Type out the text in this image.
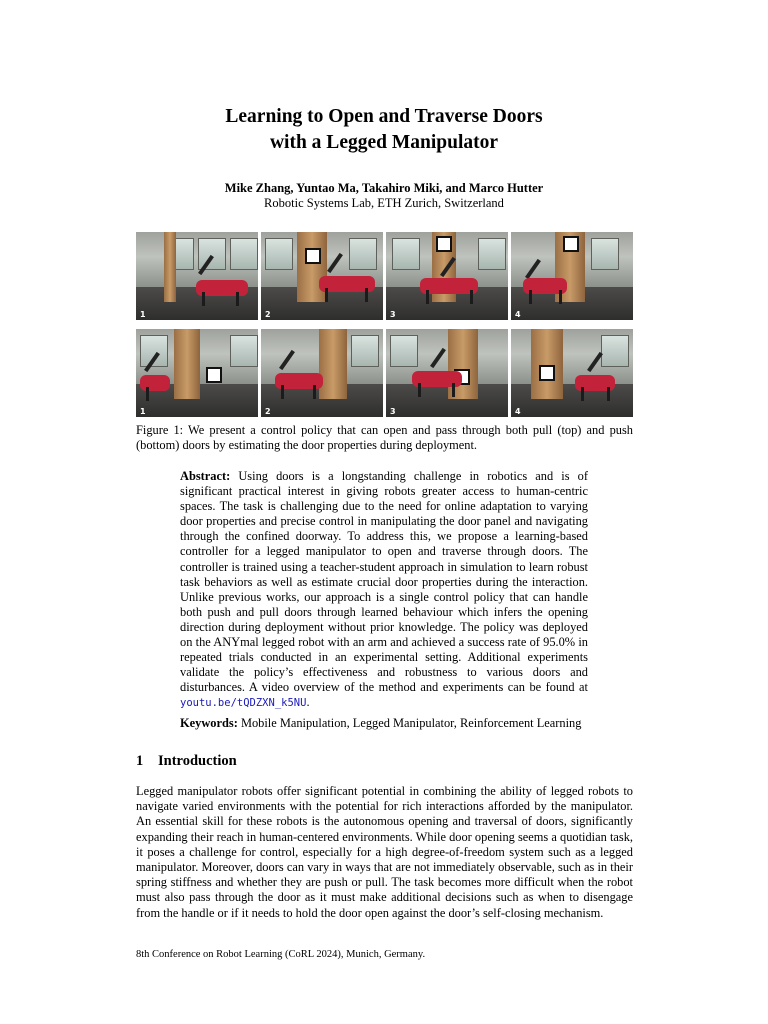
Learning to Open and Traverse Doors
with a Legged Manipulator
Mike Zhang, Yuntao Ma, Takahiro Miki, and Marco Hutter
Robotic Systems Lab, ETH Zurich, Switzerland
1	2	3	4
1	2	3	4
Figure 1: We present a control policy that can open and pass through both pull (top) and push (bottom) doors by estimating the door properties during deployment.
Abstract: Using doors is a longstanding challenge in robotics and is of significant practical interest in giving robots greater access to human-centric spaces. The task is challenging due to the need for online adaptation to varying door properties and precise control in manipulating the door panel and navigating through the confined doorway. To address this, we propose a learning-based controller for a legged manipulator to open and traverse through doors. The controller is trained using a teacher-student approach in simulation to learn robust task behaviors as well as estimate crucial door properties during the interaction. Unlike previous works, our approach is a single control policy that can handle both push and pull doors through learned behaviour which infers the opening direction during deployment without prior knowledge. The policy was deployed on the ANYmal legged robot with an arm and achieved a success rate of 95.0% in repeated trials conducted in an experimental setting. Additional experiments validate the policy’s effectiveness and robustness to various doors and disturbances. A video overview of the method and experiments can be found at youtu.be/tQDZXN_k5NU.
Keywords: Mobile Manipulation, Legged Manipulator, Reinforcement Learning
1 Introduction
Legged manipulator robots offer significant potential in combining the ability of legged robots to navigate varied environments with the potential for rich interactions afforded by the manipulator. An essential skill for these robots is the autonomous opening and traversal of doors, significantly expanding their reach in human-centered environments. While door opening seems a quotidian task, it poses a challenge for control, especially for a high degree-of-freedom system such as a legged manipulator. Moreover, doors can vary in ways that are not immediately observable, such as in their spring stiffness and whether they are push or pull. The task becomes more difficult when the robot must also pass through the door as it must make additional decisions such as when to disengage from the handle or if it needs to hold the door open against the door’s self-closing mechanism.
8th Conference on Robot Learning (CoRL 2024), Munich, Germany.
